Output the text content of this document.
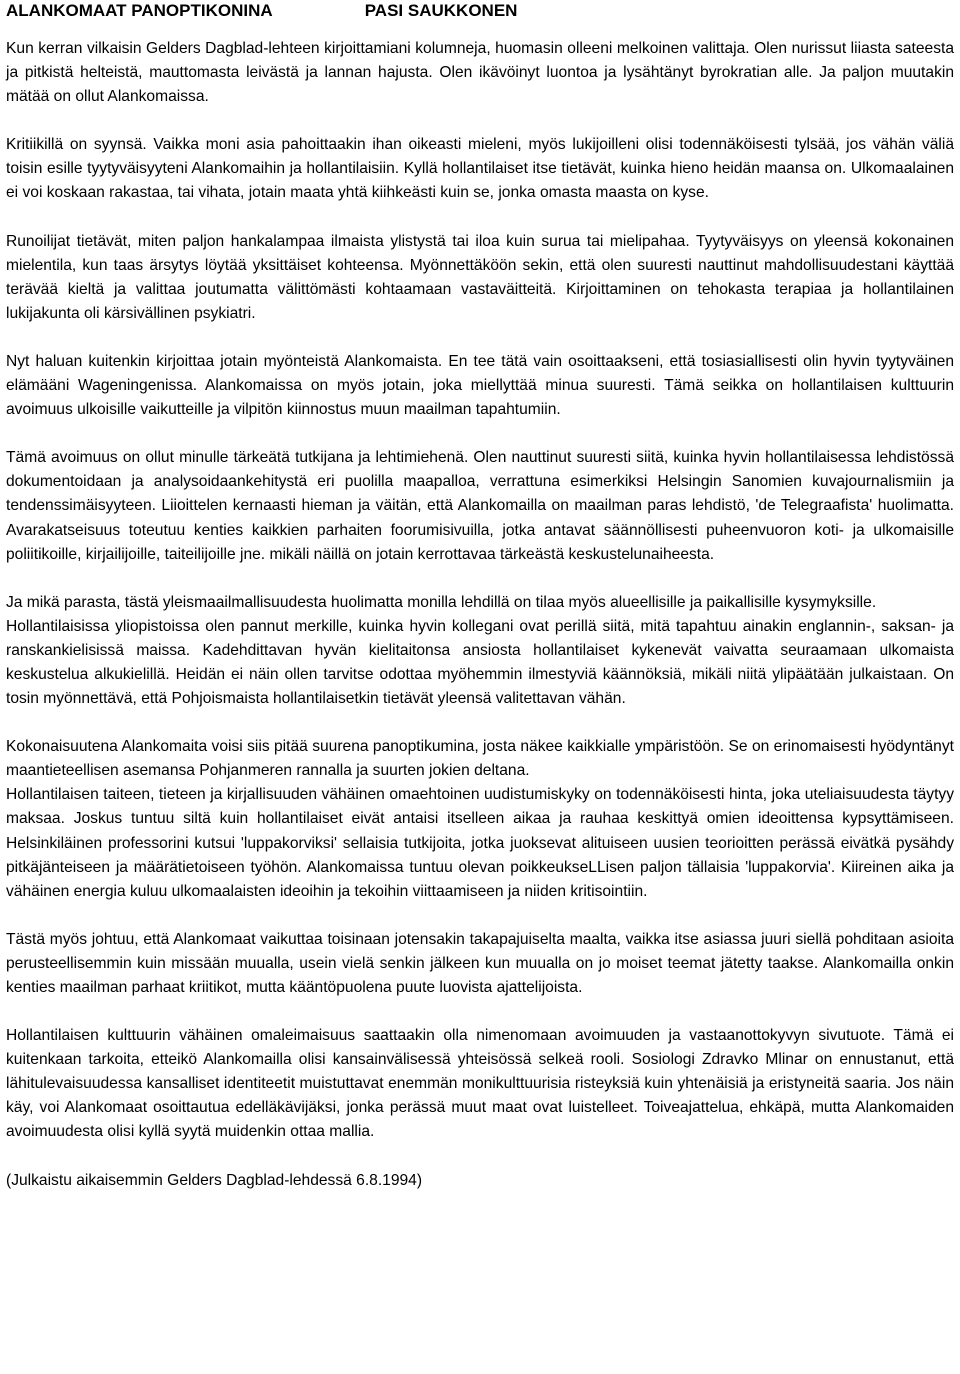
ALANKOMAAT PANOPTIKONINA	PASI SAUKKONEN

Kun kerran vilkaisin Gelders Dagblad-lehteen kirjoittamiani kolumneja, huomasin olleeni melkoinen valittaja. Olen nurissut liiasta sateesta ja pitkistä helteistä, mauttomasta leivästä ja lannan hajusta. Olen ikävöinyt luontoa ja lysähtänyt byrokratian alle. Ja paljon muutakin mätää on ollut Alankomaissa.

Kritiikillä on syynsä. Vaikka moni asia pahoittaakin ihan oikeasti mieleni, myös lukijoilleni olisi todennäköisesti tylsää, jos vähän väliä toisin esille tyytyväisyyteni Alankomaihin ja hollantilaisiin. Kyllä hollantilaiset itse tietävät, kuinka hieno heidän maansa on. Ulkomaalainen ei voi koskaan rakastaa, tai vihata, jotain maata yhtä kiihkeästi kuin se, jonka omasta maasta on kyse.

Runoilijat tietävät, miten paljon hankalampaa ilmaista ylistystä tai iloa kuin surua tai mielipahaa. Tyytyväisyys on yleensä kokonainen mielentila, kun taas ärsytys löytää yksittäiset kohteensa. Myönnettäköön sekin, että olen suuresti nauttinut mahdollisuudestani käyttää terävää kieltä ja valittaa joutumatta välittömästi kohtaamaan vastaväitteitä. Kirjoittaminen on tehokasta terapiaa ja hollantilainen lukijakunta oli kärsivällinen psykiatri.

Nyt haluan kuitenkin kirjoittaa jotain myönteistä Alankomaista. En tee tätä vain osoittaakseni, että tosiasiallisesti olin hyvin tyytyväinen elämääni Wageningenissa. Alankomaissa on myös jotain, joka miellyttää minua suuresti. Tämä seikka on hollantilaisen kulttuurin avoimuus ulkoisille vaikutteille ja vilpitön kiinnostus muun maailman tapahtumiin.

Tämä avoimuus on ollut minulle tärkeätä tutkijana ja lehtimiehenä. Olen nauttinut suuresti siitä, kuinka hyvin hollantilaisessa lehdistössä dokumentoidaan ja analysoidaankehitystä eri puolilla maapalloa, verrattuna esimerkiksi Helsingin Sanomien kuvajournalismiin ja tendenssimäisyyteen. Liioittelen kernaasti hieman ja väitän, että Alankomailla on maailman paras lehdistö, 'de Telegraafista' huolimatta. Avarakatseisuus toteutuu kenties kaikkien parhaiten foorumisivuilla, jotka antavat säännöllisesti puheenvuoron koti- ja ulkomaisille poliitikoille, kirjailijoille, taiteilijoille jne. mikäli näillä on jotain kerrottavaa tärkeästä keskustelunaiheesta.

Ja mikä parasta, tästä yleismaailmallisuudesta huolimatta monilla lehdillä on tilaa myös alueellisille ja paikallisille kysymyksille.

Hollantilaisissa yliopistoissa olen pannut merkille, kuinka hyvin kollegani ovat perillä siitä, mitä tapahtuu ainakin englannin-, saksan- ja ranskankielisissä maissa. Kadehdittavan hyvän kielitaitonsa ansiosta hollantilaiset kykenevät vaivatta seuraamaan ulkomaista keskustelua alkukielillä. Heidän ei näin ollen tarvitse odottaa myöhemmin ilmestyviä käännöksiä, mikäli niitä ylipäätään julkaistaan. On tosin myönnettävä, että Pohjoismaista hollantilaisetkin tietävät yleensä valitettavan vähän.

Kokonaisuutena Alankomaita voisi siis pitää suurena panoptikumina, josta näkee kaikkialle ympäristöön. Se on erinomaisesti hyödyntänyt maantieteellisen asemansa Pohjanmeren rannalla ja suurten jokien deltana.

Hollantilaisen taiteen, tieteen ja kirjallisuuden vähäinen omaehtoinen uudistumiskyky on todennäköisesti hinta, joka uteliaisuudesta täytyy maksaa. Joskus tuntuu siltä kuin hollantilaiset eivät antaisi itselleen aikaa ja rauhaa keskittyä omien ideoittensa kypsyttämiseen. Helsinkiläinen professorini kutsui 'luppakorviksi' sellaisia tutkijoita, jotka juoksevat alituiseen uusien teorioitten perässä eivätkä pysähdy pitkäjänteiseen ja määrätietoiseen työhön. Alankomaissa tuntuu olevan poikkeukseLLisen paljon tällaisia 'luppakorvia'. Kiireinen aika ja vähäinen energia kuluu ulkomaalaisten ideoihin ja tekoihin viittaamiseen ja niiden kritisointiin.

Tästä myös johtuu, että Alankomaat vaikuttaa toisinaan jotensakin takapajuiselta maalta, vaikka itse asiassa juuri siellä pohditaan asioita perusteellisemmin kuin missään muualla, usein vielä senkin jälkeen kun muualla on jo moiset teemat jätetty taakse. Alankomailla onkin kenties maailman parhaat kriitikot, mutta kääntöpuolena puute luovista ajattelijoista.

Hollantilaisen kulttuurin vähäinen omaleimaisuus saattaakin olla nimenomaan avoimuuden ja vastaanottokyvyn sivutuote. Tämä ei kuitenkaan tarkoita, etteikö Alankomailla olisi kansainvälisessä yhteisössä selkeä rooli. Sosiologi Zdravko Mlinar on ennustanut, että lähitulevaisuudessa kansalliset identiteetit muistuttavat enemmän monikulttuurisia risteyksiä kuin yhtenäisiä ja eristyneitä saaria. Jos näin käy, voi Alankomaat osoittautua edelläkävijäksi, jonka perässä muut maat ovat luistelleet. Toiveajattelua, ehkäpä, mutta Alankomaiden avoimuudesta olisi kyllä syytä muidenkin ottaa mallia.

(Julkaistu aikaisemmin Gelders Dagblad-lehdessä 6.8.1994)
